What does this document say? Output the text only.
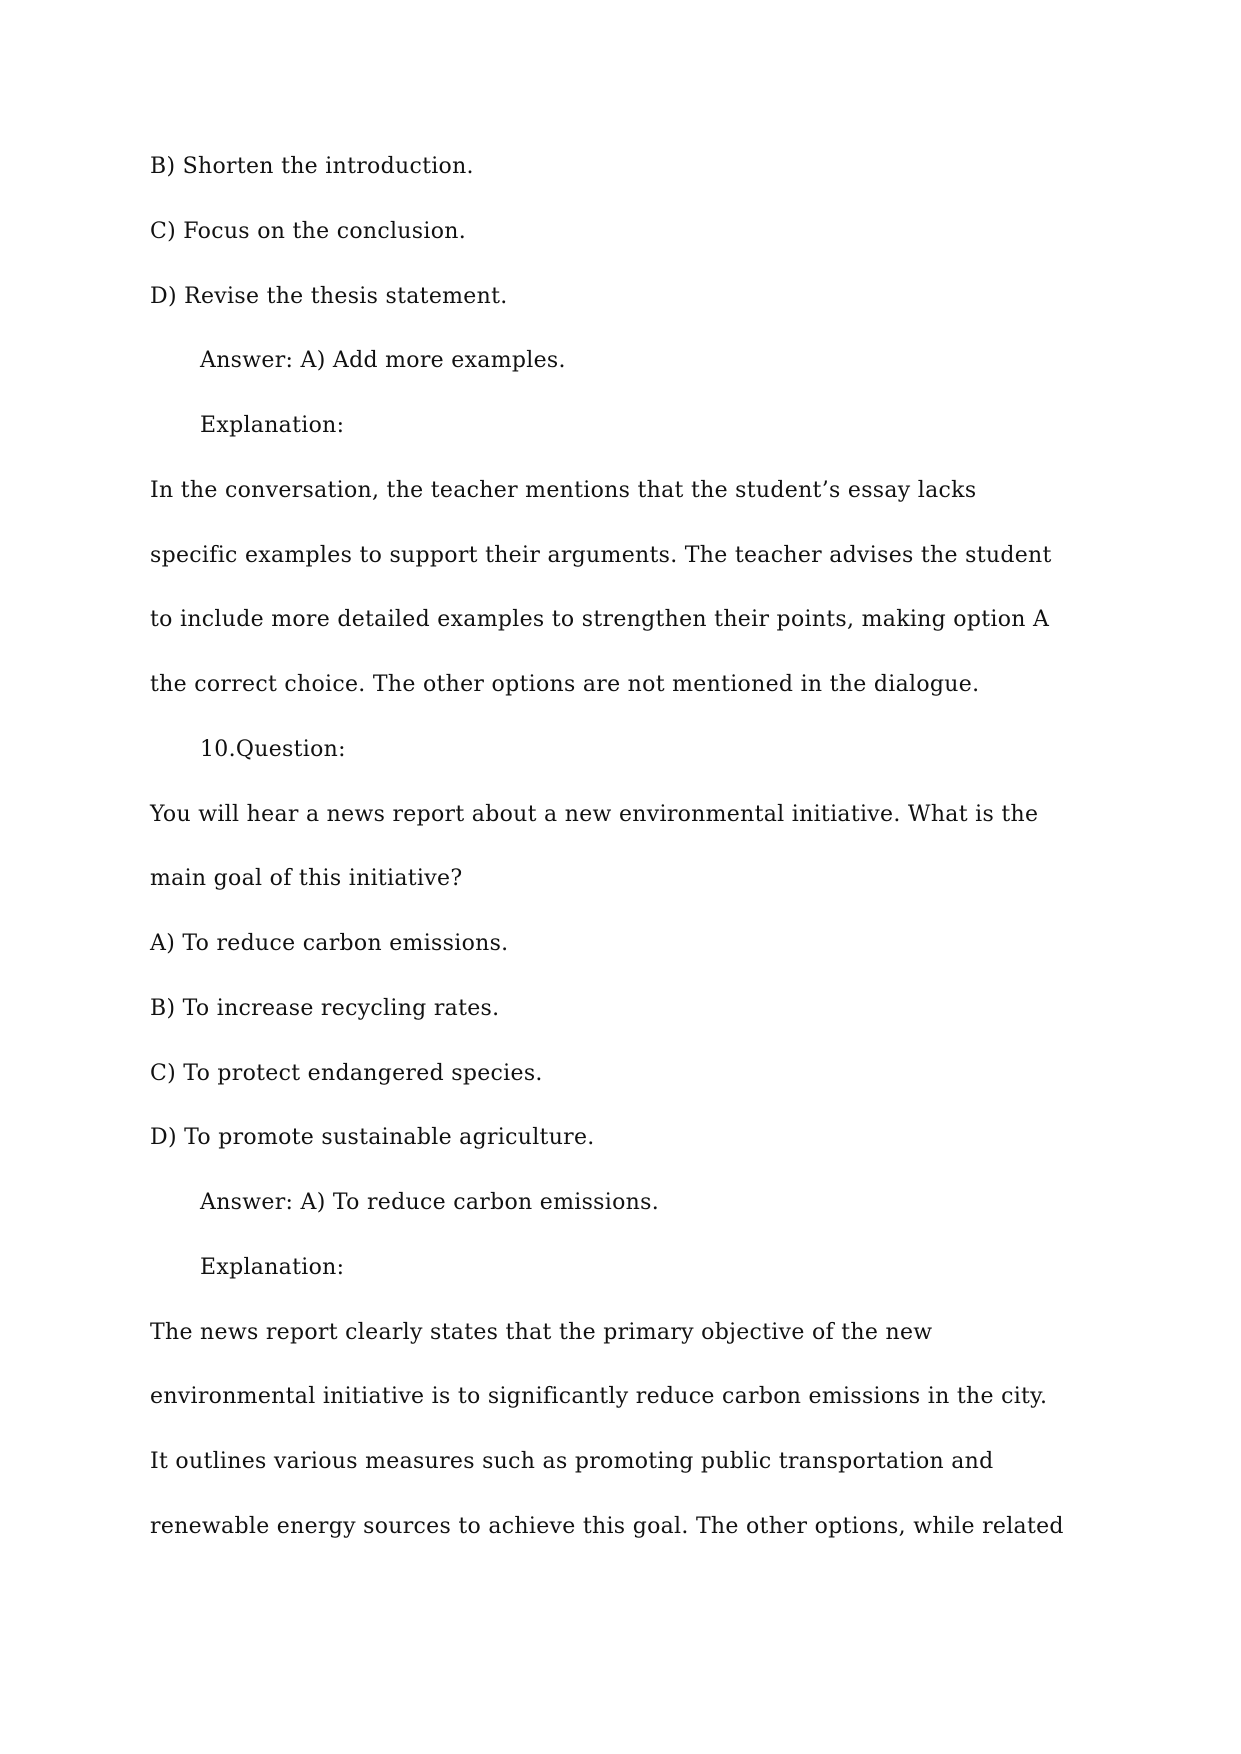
B) Shorten the introduction.
C) Focus on the conclusion.
D) Revise the thesis statement.
Answer: A) Add more examples.
Explanation:
In the conversation, the teacher mentions that the student’s essay lacks
specific examples to support their arguments. The teacher advises the student
to include more detailed examples to strengthen their points, making option A
the correct choice. The other options are not mentioned in the dialogue.
10.Question:
You will hear a news report about a new environmental initiative. What is the
main goal of this initiative?
A) To reduce carbon emissions.
B) To increase recycling rates.
C) To protect endangered species.
D) To promote sustainable agriculture.
Answer: A) To reduce carbon emissions.
Explanation:
The news report clearly states that the primary objective of the new
environmental initiative is to significantly reduce carbon emissions in the city.
It outlines various measures such as promoting public transportation and
renewable energy sources to achieve this goal. The other options, while related
